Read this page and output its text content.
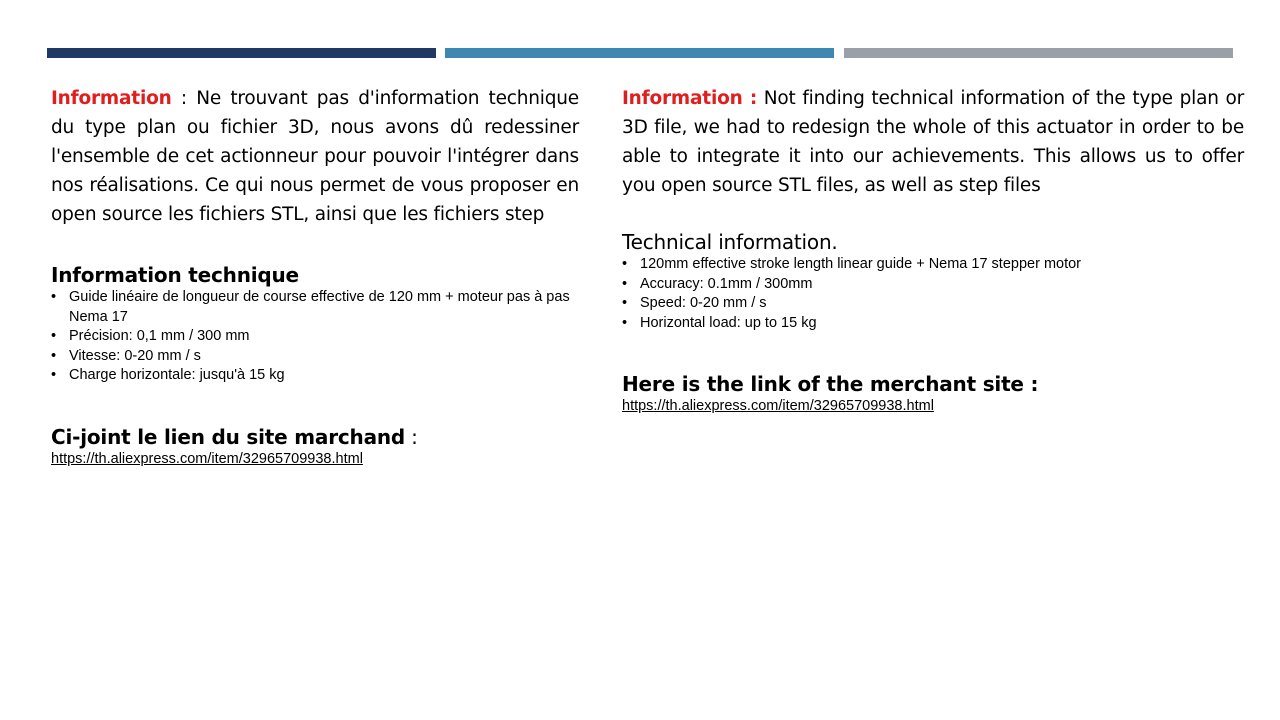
Information : Ne trouvant pas d'information technique du type plan ou fichier 3D, nous avons dû redessiner l'ensemble de cet actionneur pour pouvoir l'intégrer dans nos réalisations. Ce qui nous permet de vous proposer en open source les fichiers STL, ainsi que les fichiers step

Information technique
• Guide linéaire de longueur de course effective de 120 mm + moteur pas à pas Nema 17
• Précision: 0,1 mm / 300 mm
• Vitesse: 0-20 mm / s
• Charge horizontale: jusqu'à 15 kg
Ci-joint le lien du site marchand :
https://th.aliexpress.com/item/32965709938.html

Information : Not finding technical information of the type plan or 3D file, we had to redesign the whole of this actuator in order to be able to integrate it into our achievements. This allows us to offer you open source STL files, as well as step files

Technical information.
• 120mm effective stroke length linear guide + Nema 17 stepper motor
• Accuracy: 0.1mm / 300mm
• Speed: 0-20 mm / s
• Horizontal load: up to 15 kg
Here is the link of the merchant site :
https://th.aliexpress.com/item/32965709938.html
